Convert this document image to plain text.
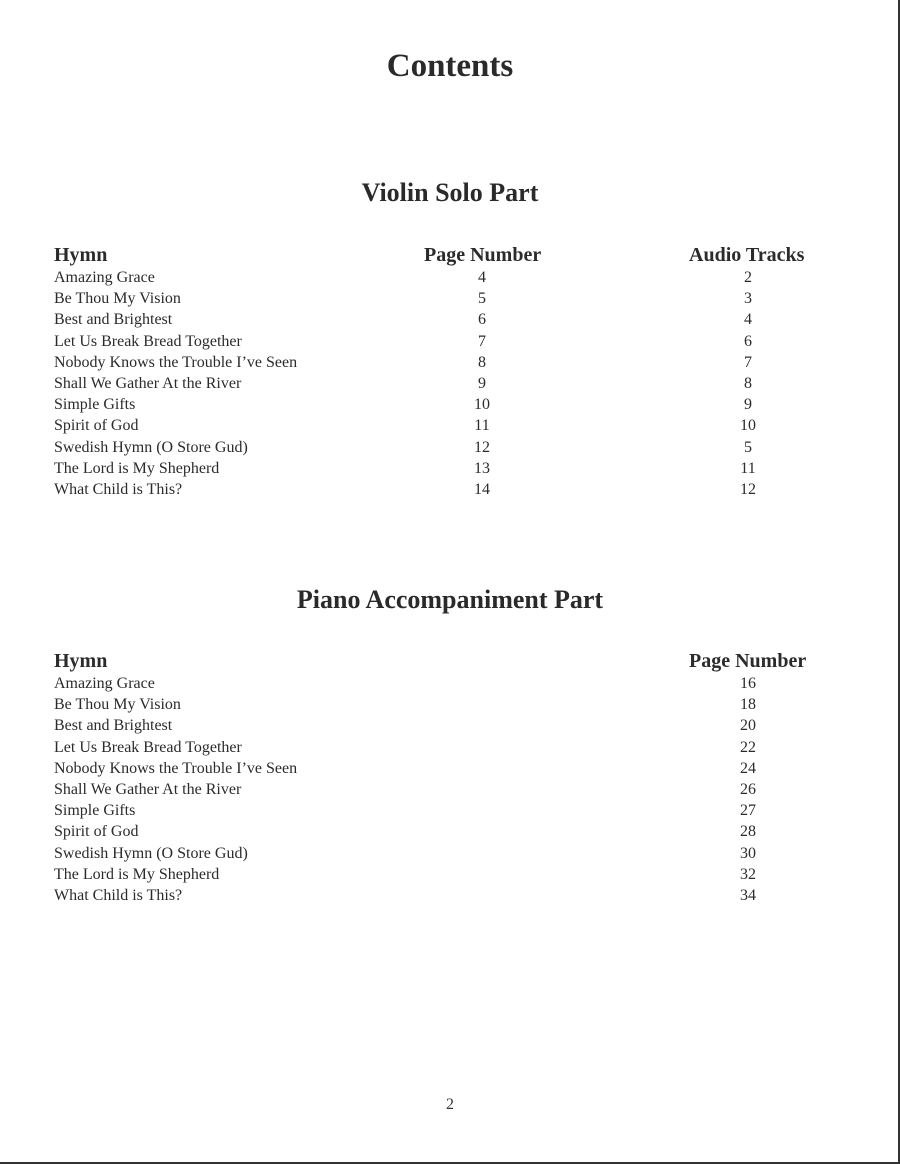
Contents
Violin Solo Part
Hymn	Page Number	Audio Tracks
Amazing Grace	4	2
Be Thou My Vision	5	3
Best and Brightest	6	4
Let Us Break Bread Together	7	6
Nobody Knows the Trouble I’ve Seen	8	7
Shall We Gather At the River	9	8
Simple Gifts	10	9
Spirit of God	11	10
Swedish Hymn (O Store Gud)	12	5
The Lord is My Shepherd	13	11
What Child is This?	14	12
Piano Accompaniment Part
Hymn	Page Number
Amazing Grace	16
Be Thou My Vision	18
Best and Brightest	20
Let Us Break Bread Together	22
Nobody Knows the Trouble I’ve Seen	24
Shall We Gather At the River	26
Simple Gifts	27
Spirit of God	28
Swedish Hymn (O Store Gud)	30
The Lord is My Shepherd	32
What Child is This?	34
2
